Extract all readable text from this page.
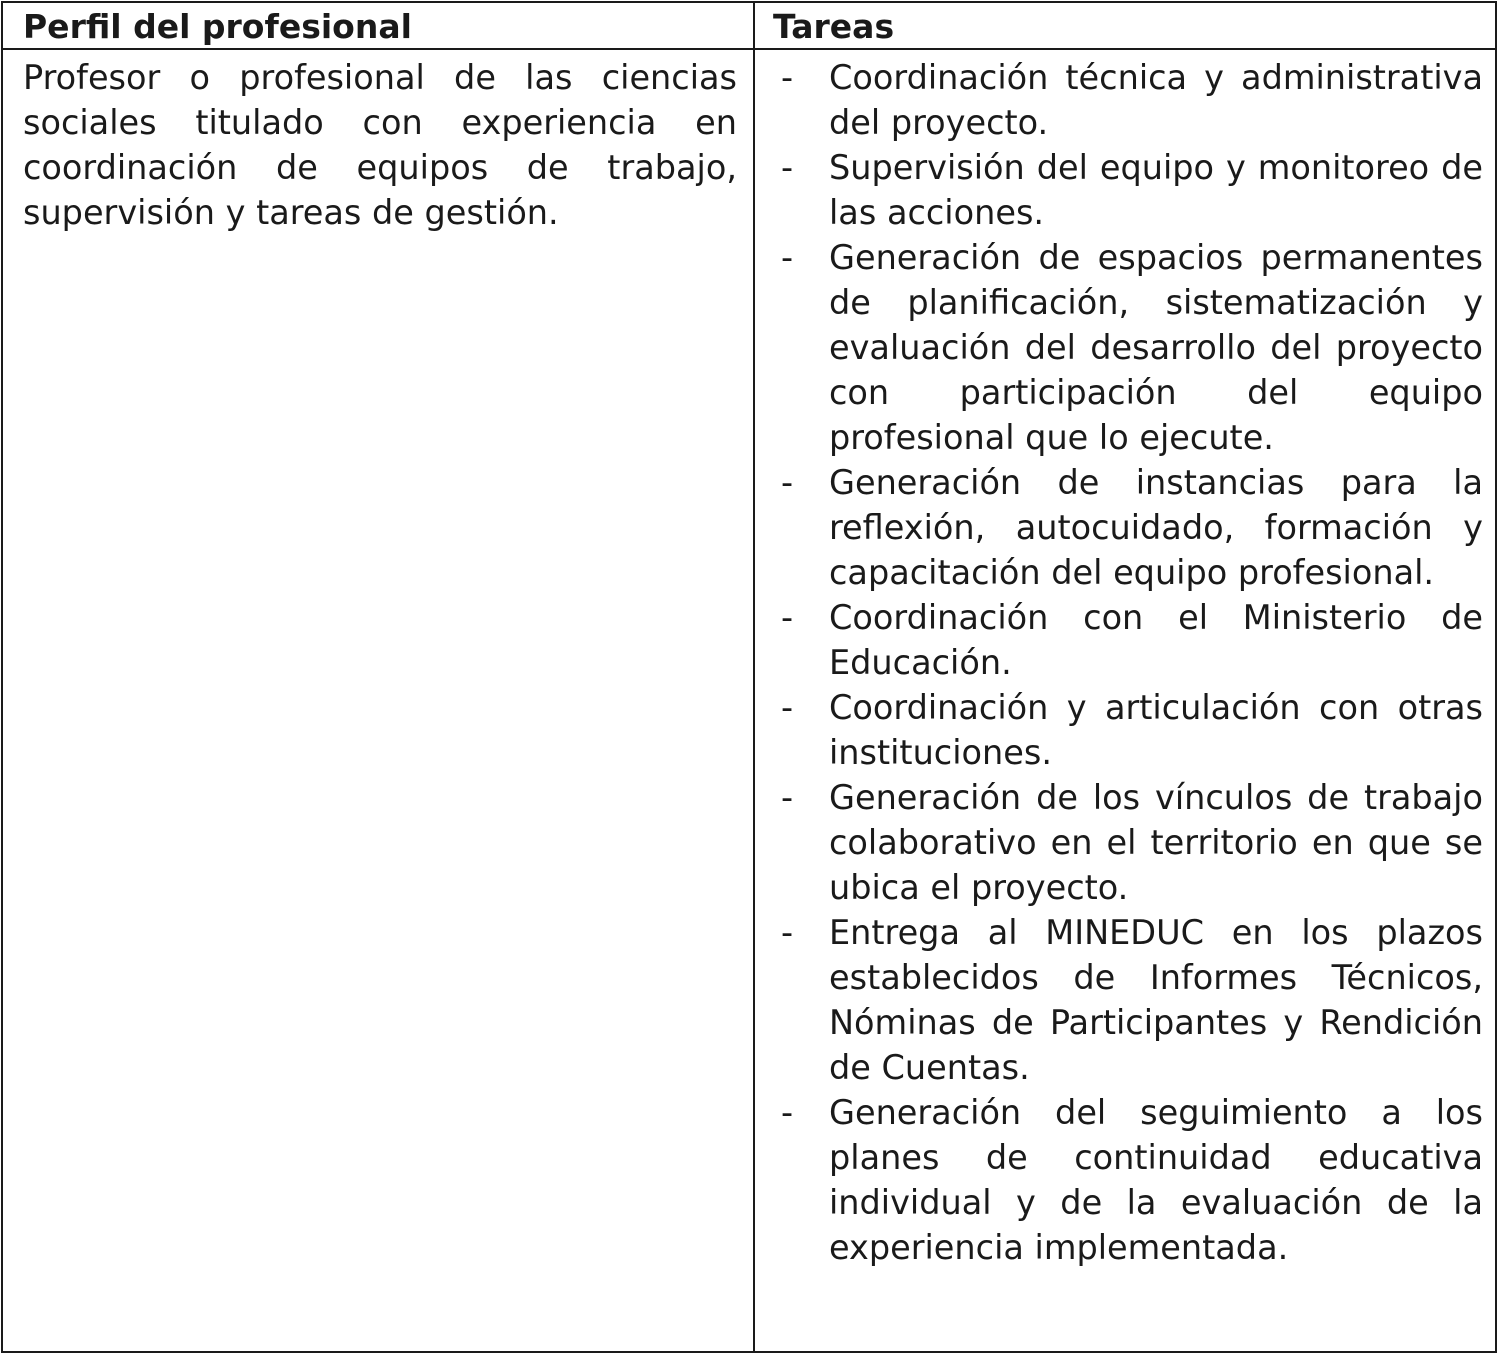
Perfil del profesional	Tareas
Profesor o profesional de las ciencias sociales titulado con experiencia en coordinación de equipos de trabajo, supervisión y tareas de gestión.
- Coordinación técnica y administrativa del proyecto.
- Supervisión del equipo y monitoreo de las acciones.
- Generación de espacios permanentes de planificación, sistematización y evaluación del desarrollo del proyecto con participación del equipo profesional que lo ejecute.
- Generación de instancias para la reflexión, autocuidado, formación y capacitación del equipo profesional.
- Coordinación con el Ministerio de Educación.
- Coordinación y articulación con otras instituciones.
- Generación de los vínculos de trabajo colaborativo en el territorio en que se ubica el proyecto.
- Entrega al MINEDUC en los plazos establecidos de Informes Técnicos, Nóminas de Participantes y Rendición de Cuentas.
- Generación del seguimiento a los planes de continuidad educativa individual y de la evaluación de la experiencia implementada.
